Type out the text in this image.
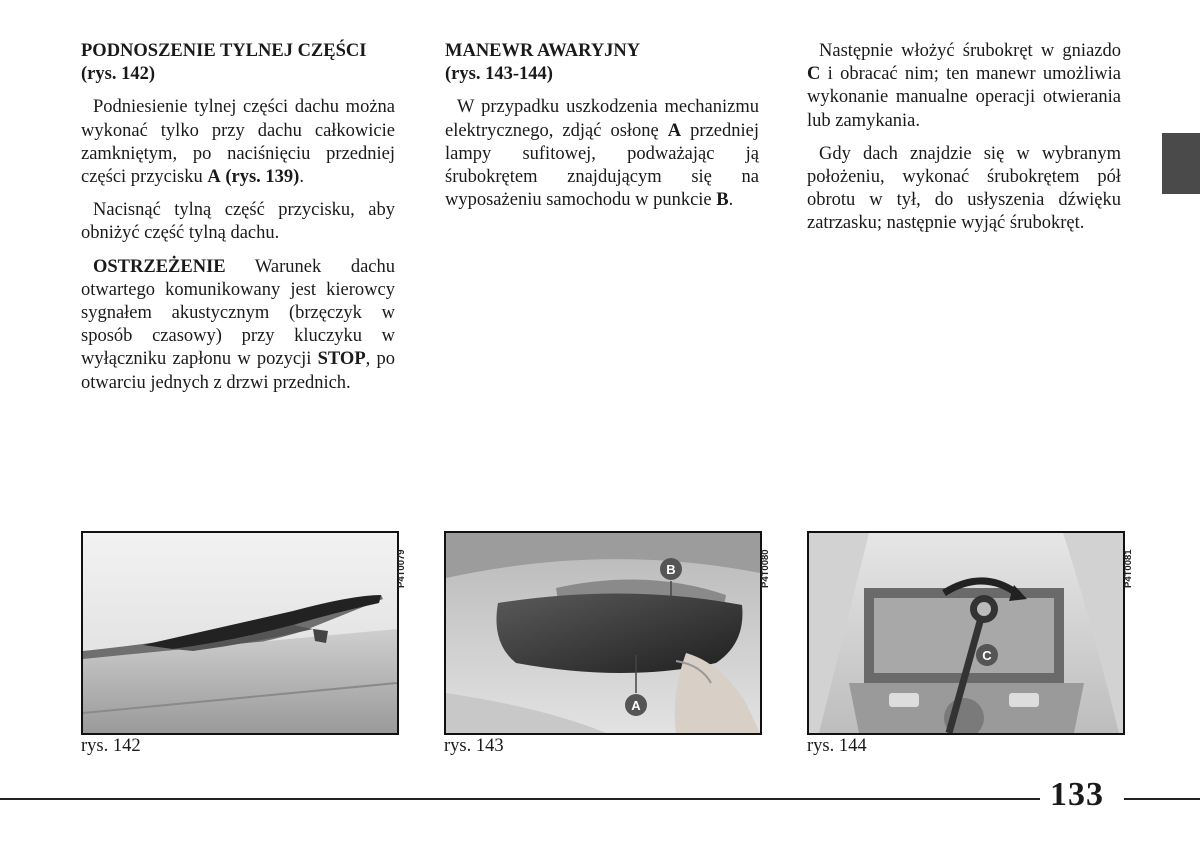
PODNOSZENIE TYLNEJ CZĘŚCI
(rys. 142)

Podniesienie tylnej części dachu można wykonać tylko przy dachu całkowicie zamkniętym, po naciśnięciu przedniej części przycisku A (rys. 139).

Nacisnąć tylną część przycisku, aby obniżyć część tylną dachu.

OSTRZEŻENIE Warunek dachu otwartego komunikowany jest kierowcy sygnałem akustycznym (brzęczyk w sposób czasowy) przy kluczyku w wyłączniku zapłonu w pozycji STOP, po otwarciu jednych z drzwi przednich.

MANEWR AWARYJNY
(rys. 143-144)

W przypadku uszkodzenia mechanizmu elektrycznego, zdjąć osłonę A przedniej lampy sufitowej, podważając ją śrubokrętem znajdującym się na wyposażeniu samochodu w punkcie B.

Następnie włożyć śrubokręt w gniazdo C i obracać nim; ten manewr umożliwia wykonanie manualne operacji otwierania lub zamykania.

Gdy dach znajdzie się w wybranym położeniu, wykonać śrubokrętem pół obrotu w tył, do usłyszenia dźwięku zatrzasku; następnie wyjąć śrubokręt.

P4T0079
rys. 142
B
A
P4T0080
rys. 143
C
P4T0081
rys. 144
133
